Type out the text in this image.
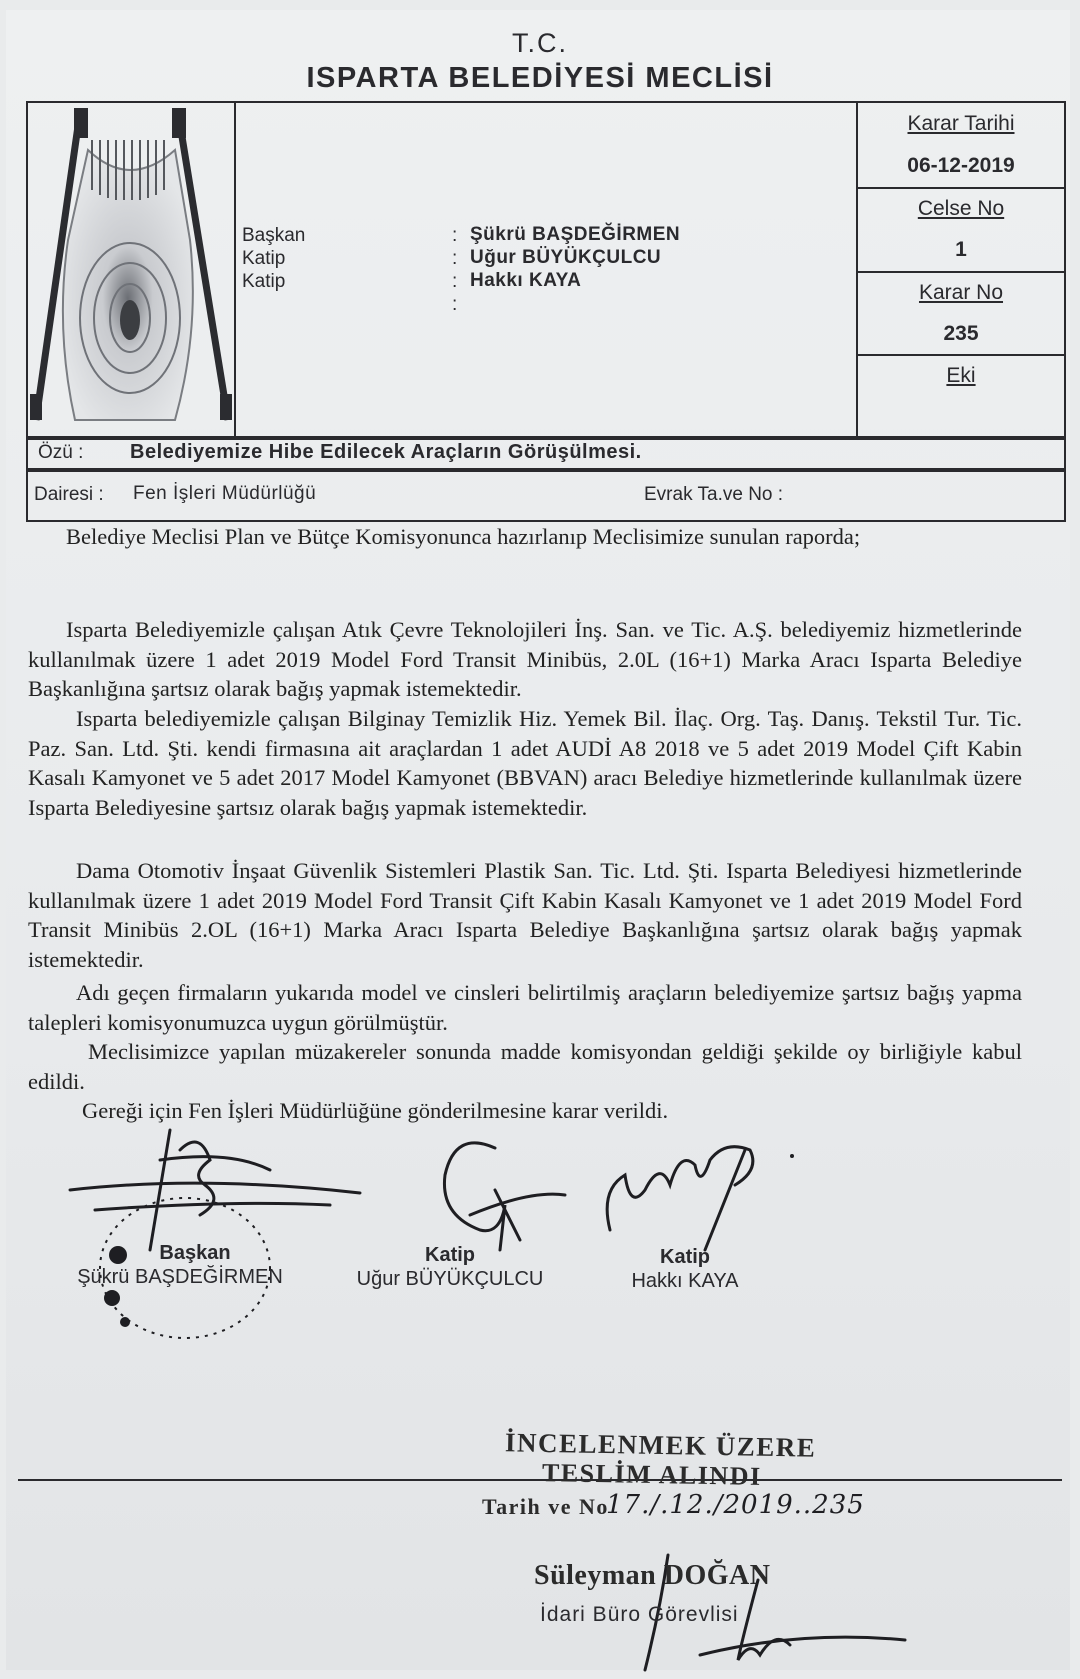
T.C.
ISPARTA BELEDİYESİ MECLİSİ
Başkan	: Şükrü BAŞDEĞİRMEN
Katip	: Uğur BÜYÜKÇULCU
Katip	: Hakkı KAYA
:
Karar Tarihi
06-12-2019
Celse No
1
Karar No
235
Eki
Özü : Belediyemize Hibe Edilecek Araçların Görüşülmesi.
Dairesi : Fen İşleri Müdürlüğü	Evrak Ta.ve No :
Belediye Meclisi Plan ve Bütçe Komisyonunca hazırlanıp Meclisimize sunulan raporda;
Isparta Belediyemizle çalışan Atık Çevre Teknolojileri İnş. San. ve Tic. A.Ş. belediyemiz hizmetlerinde kullanılmak üzere 1 adet 2019 Model Ford Transit Minibüs, 2.0L (16+1) Marka Aracı Isparta Belediye Başkanlığına şartsız olarak bağış yapmak istemektedir.
Isparta belediyemizle çalışan Bilginay Temizlik Hiz. Yemek Bil. İlaç. Org. Taş. Danış. Tekstil Tur. Tic. Paz. San. Ltd. Şti. kendi firmasına ait araçlardan 1 adet AUDİ A8 2018 ve 5 adet 2019 Model Çift Kabin Kasalı Kamyonet ve 5 adet 2017 Model Kamyonet (BBVAN) aracı Belediye hizmetlerinde kullanılmak üzere Isparta Belediyesine şartsız olarak bağış yapmak istemektedir.
Dama Otomotiv İnşaat Güvenlik Sistemleri Plastik San. Tic. Ltd. Şti. Isparta Belediyesi hizmetlerinde kullanılmak üzere 1 adet 2019 Model Ford Transit Çift Kabin Kasalı Kamyonet ve 1 adet 2019 Model Ford Transit Minibüs 2.OL (16+1) Marka Aracı Isparta Belediye Başkanlığına şartsız olarak bağış yapmak istemektedir.
Adı geçen firmaların yukarıda model ve cinsleri belirtilmiş araçların belediyemize şartsız bağış yapma talepleri komisyonumuzca uygun görülmüştür.
Meclisimizce yapılan müzakereler sonunda madde komisyondan geldiği şekilde oy birliğiyle kabul edildi.
Gereği için Fen İşleri Müdürlüğüne gönderilmesine karar verildi.
Başkan
Şükrü BAŞDEĞİRMEN
Katip
Uğur BÜYÜKÇULCU
Katip
Hakkı KAYA
İNCELENMEK ÜZERE
TESLİM ALINDI
Tarih ve No
17./.12./2019..235
Süleyman DOĞAN
İdari Büro Görevlisi
